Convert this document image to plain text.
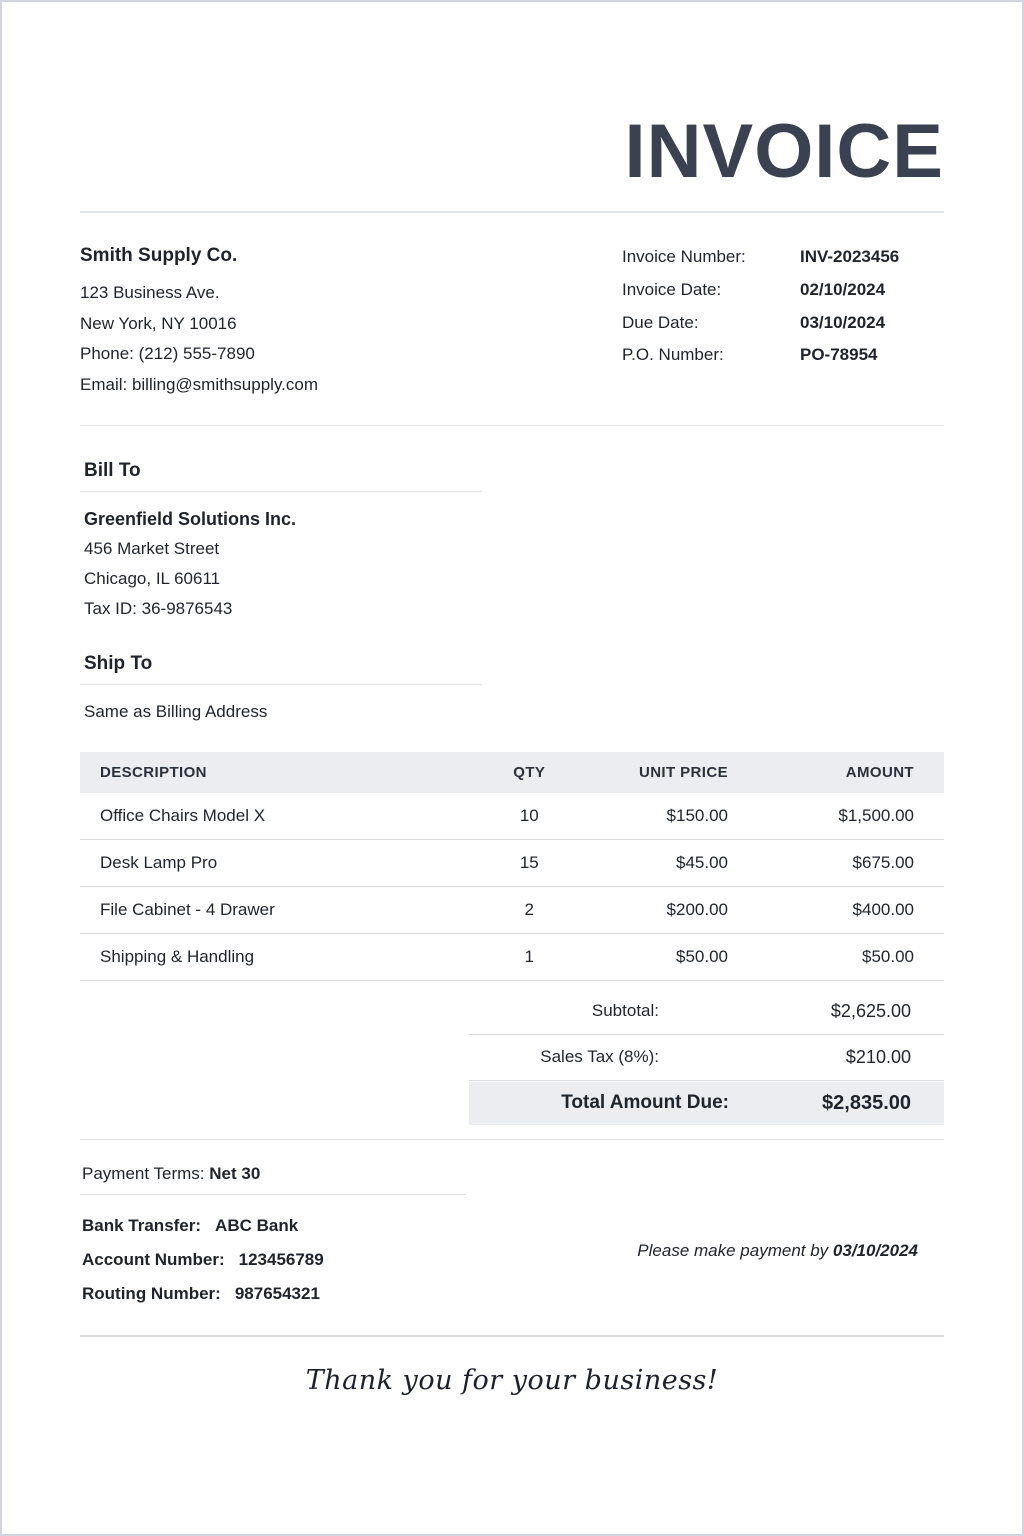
INVOICE
Smith Supply Co.
123 Business Ave.
New York, NY 10016
Phone: (212) 555-7890
Email: billing@smithsupply.com
Invoice Number:	INV-2023456
Invoice Date:	02/10/2024
Due Date:	03/10/2024
P.O. Number:	PO-78954
Bill To
Greenfield Solutions Inc.
456 Market Street
Chicago, IL 60611
Tax ID: 36-9876543
Ship To
Same as Billing Address
DESCRIPTION	QTY	UNIT PRICE	AMOUNT
Office Chairs Model X	10	$150.00	$1,500.00
Desk Lamp Pro	15	$45.00	$675.00
File Cabinet - 4 Drawer	2	$200.00	$400.00
Shipping & Handling	1	$50.00	$50.00
Subtotal:	$2,625.00
Sales Tax (8%):	$210.00
Total Amount Due:	$2,835.00
Payment Terms: Net 30
Bank Transfer: ABC Bank
Account Number: 123456789
Routing Number: 987654321
Please make payment by 03/10/2024
Thank you for your business!
